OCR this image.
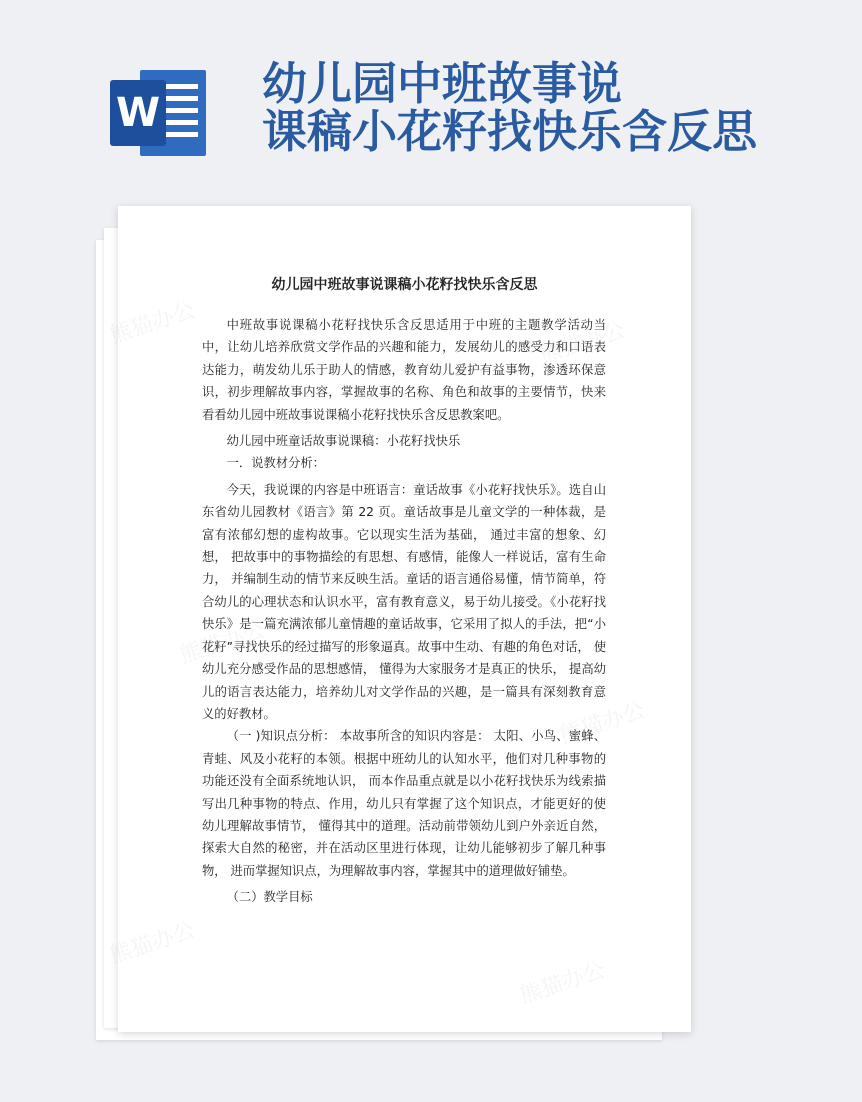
W
幼儿园中班故事说
课稿小花籽找快乐含反思
熊猫办公	熊猫办公
熊猫办公
熊猫办公
熊猫办公
熊猫办公
幼儿园中班故事说课稿小花籽找快乐含反思

中班故事说课稿小花籽找快乐含反思适用于中班的主题教学活动当中，让幼儿培养欣赏文学作品的兴趣和能力，发展幼儿的感受力和口语表达能力，萌发幼儿乐于助人的情感，教育幼儿爱护有益事物，渗透环保意识，初步理解故事内容，掌握故事的名称、角色和故事的主要情节，快来看看幼儿园中班故事说课稿小花籽找快乐含反思教案吧。

幼儿园中班童话故事说课稿：小花籽找快乐

一．说教材分析：

今天，我说课的内容是中班语言：童话故事《小花籽找快乐》。选自山东省幼儿园教材《语言》第 22 页。童话故事是儿童文学的一种体裁，是富有浓郁幻想的虚构故事。它以现实生活为基础， 通过丰富的想象、幻想， 把故事中的事物描绘的有思想、有感情，能像人一样说话，富有生命力， 并编制生动的情节来反映生活。童话的语言通俗易懂，情节简单，符合幼儿的心理状态和认识水平，富有教育意义，易于幼儿接受。《小花籽找快乐》是一篇充满浓郁儿童情趣的童话故事，它采用了拟人的手法，把“小花籽”寻找快乐的经过描写的形象逼真。故事中生动、有趣的角色对话， 使幼儿充分感受作品的思想感情， 懂得为大家服务才是真正的快乐， 提高幼儿的语言表达能力，培养幼儿对文学作品的兴趣，是一篇具有深刻教育意义的好教材。

（一 )知识点分析： 本故事所含的知识内容是： 太阳、小鸟、蜜蜂、 青蛙、风及小花籽的本领。根据中班幼儿的认知水平，他们对几种事物的功能还没有全面系统地认识， 而本作品重点就是以小花籽找快乐为线索描写出几种事物的特点、作用，幼儿只有掌握了这个知识点，才能更好的使幼儿理解故事情节， 懂得其中的道理。活动前带领幼儿到户外亲近自然，探索大自然的秘密，并在活动区里进行体现，让幼儿能够初步了解几种事物， 进而掌握知识点，为理解故事内容，掌握其中的道理做好铺垫。

（二）教学目标
